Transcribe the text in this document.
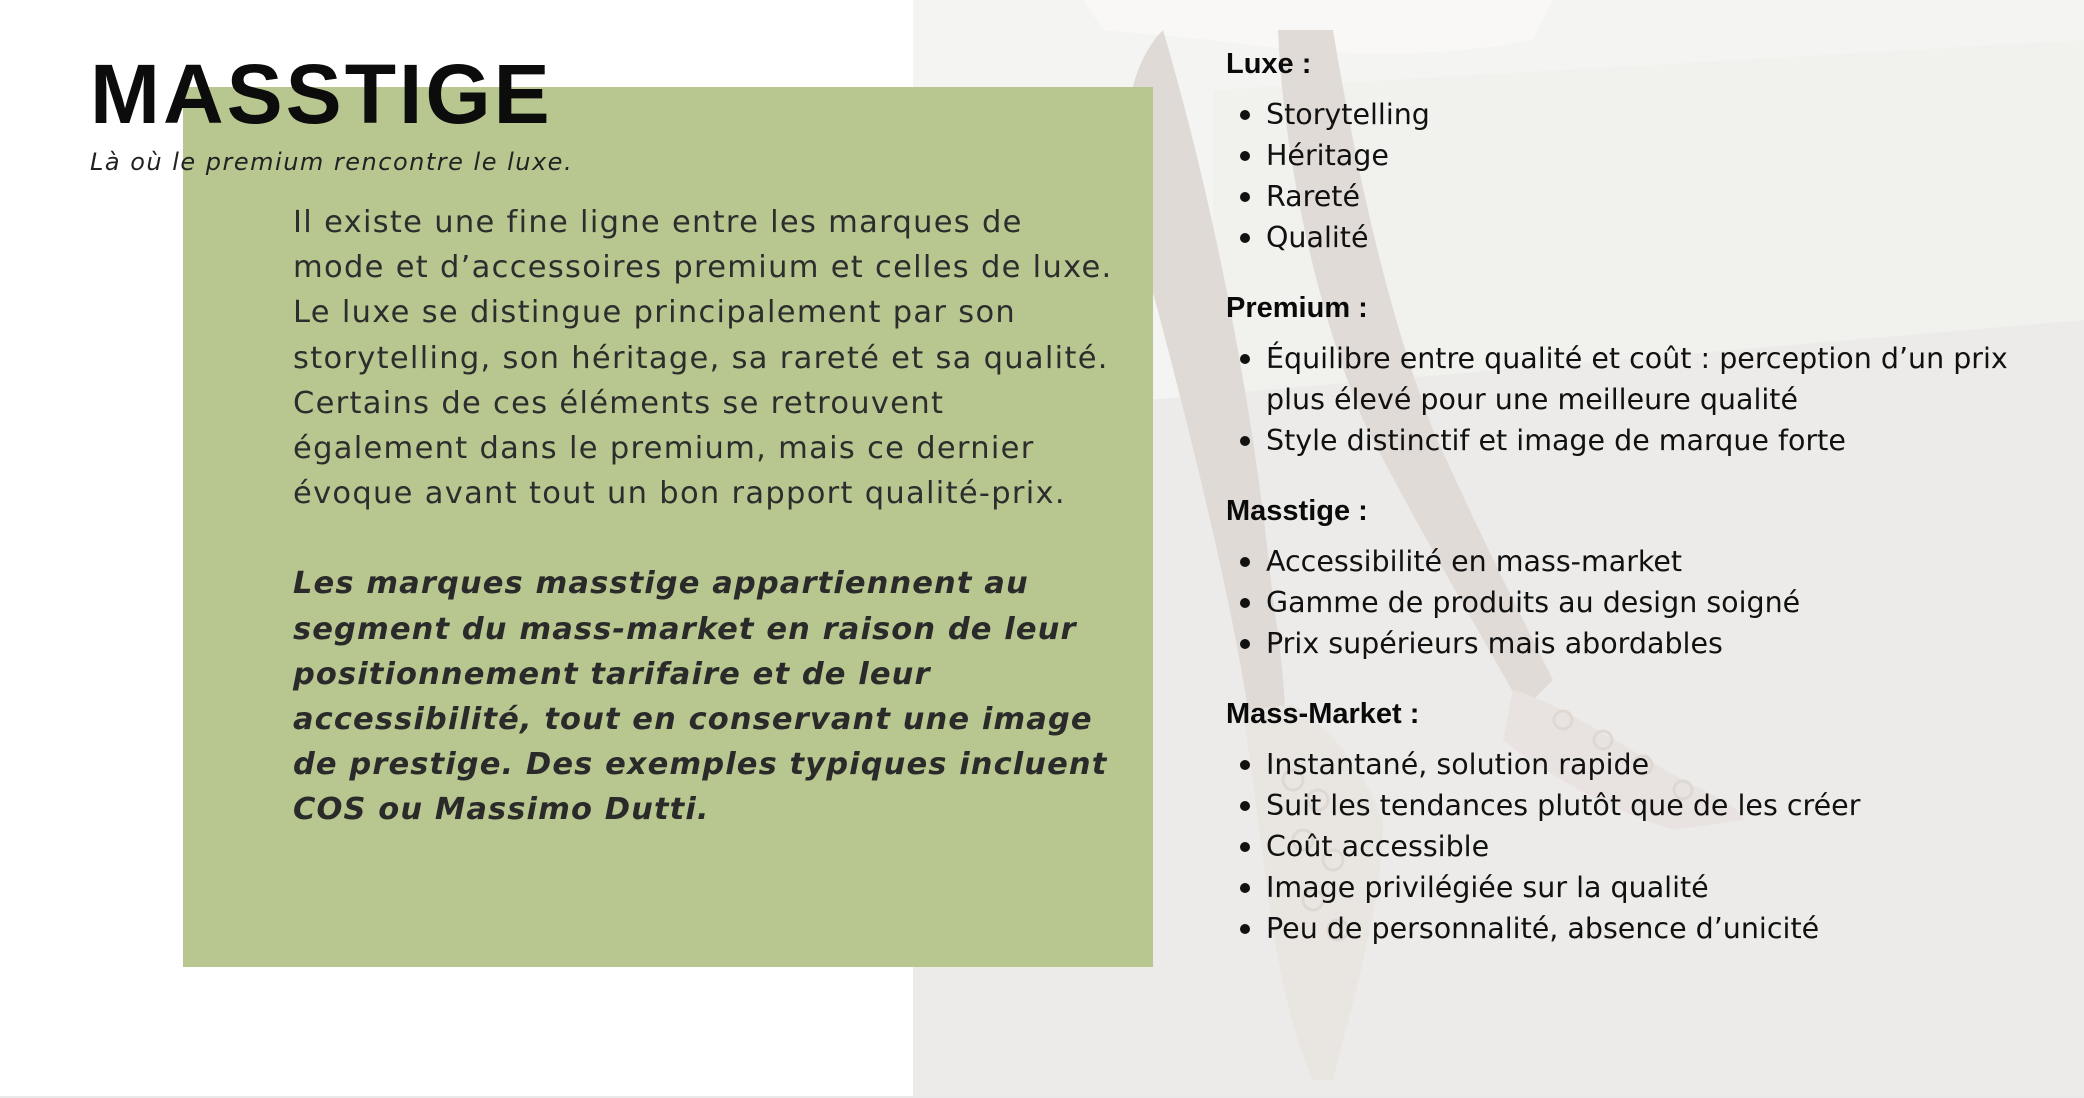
MASSTIGE

Là où le premium rencontre le luxe.

Il existe une fine ligne entre les marques de mode et d’accessoires premium et celles de luxe. Le luxe se distingue principalement par son storytelling, son héritage, sa rareté et sa qualité. Certains de ces éléments se retrouvent également dans le premium, mais ce dernier évoque avant tout un bon rapport qualité-prix.

Les marques masstige appartiennent au segment du mass-market en raison de leur positionnement tarifaire et de leur accessibilité, tout en conservant une image de prestige. Des exemples typiques incluent COS ou Massimo Dutti.

Luxe :
Storytelling
Héritage
Rareté
Qualité
Premium :
Équilibre entre qualité et coût : perception d’un prix plus élevé pour une meilleure qualité
Style distinctif et image de marque forte
Masstige :
Accessibilité en mass-market
Gamme de produits au design soigné
Prix supérieurs mais abordables
Mass-Market :
Instantané, solution rapide
Suit les tendances plutôt que de les créer
Coût accessible
Image privilégiée sur la qualité
Peu de personnalité, absence d’unicité
